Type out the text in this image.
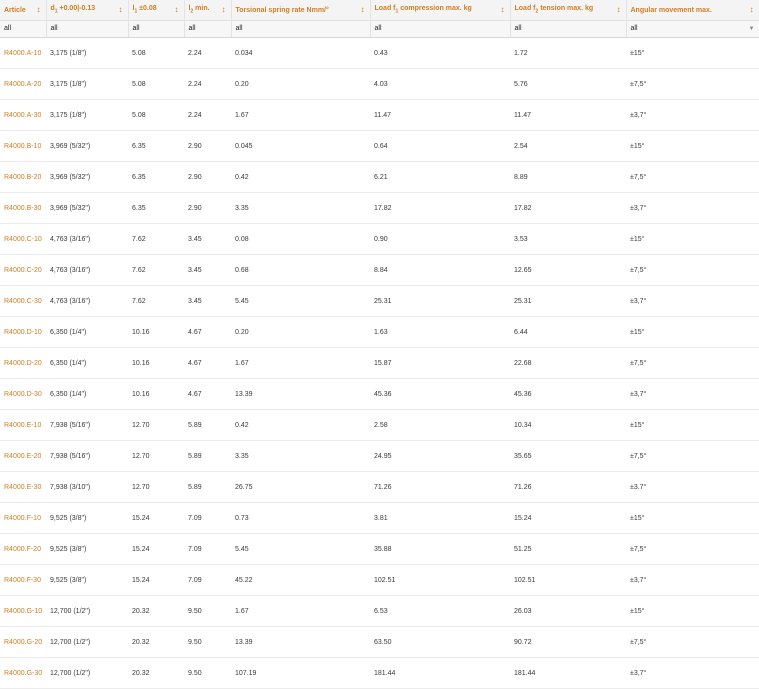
Article ↕	$d_1 +0.00|-0.13$ ↕	$l_1 \pm 0.08$ ↕	$l_2$ min. ↕	Torsional spring rate Nmm/° ↕	Load $f_1$ compression max. kg ↕	Load $f_2$ tension max. kg ↕	Angular movement max. ↕

all	all	all	all	all	all	all	all ▼

R4000.A-10	3,175 (1/8")	5.08	2.24	0.034	0.43	1.72	±15°
R4000.A-20	3,175 (1/8")	5.08	2.24	0.20	4.03	5.76	±7,5°
R4000.A-30	3,175 (1/8")	5.08	2.24	1.67	11.47	11.47	±3,7°
R4000.B-10	3,969 (5/32")	6.35	2.90	0.045	0.64	2.54	±15°
R4000.B-20	3,969 (5/32")	6.35	2.90	0.42	6.21	8.89	±7,5°
R4000.B-30	3,969 (5/32")	6.35	2.90	3.35	17.82	17.82	±3,7°
R4000.C-10	4,763 (3/16")	7.62	3.45	0.08	0.90	3.53	±15°
R4000.C-20	4,763 (3/16")	7.62	3.45	0.68	8.84	12.65	±7,5°
R4000.C-30	4,763 (3/16")	7.62	3.45	5.45	25.31	25.31	±3,7°
R4000.D-10	6,350 (1/4")	10.16	4.67	0.20	1.63	6.44	±15°
R4000.D-20	6,350 (1/4")	10.16	4.67	1.67	15.87	22.68	±7,5°
R4000.D-30	6,350 (1/4")	10.16	4.67	13.39	45.36	45.36	±3,7°
R4000.E-10	7,938 (5/16")	12.70	5.89	0.42	2.58	10.34	±15°
R4000.E-20	7,938 (5/16")	12.70	5.89	3.35	24.95	35.65	±7,5°
R4000.E-30	7,938 (3/10")	12.70	5.89	26.75	71.26	71.26	±3.7°
R4000.F-10	9,525 (3/8")	15.24	7.09	0.73	3.81	15.24	±15°
R4000.F-20	9,525 (3/8")	15.24	7.09	5.45	35.88	51.25	±7,5°
R4000.F-30	9,525 (3/8")	15.24	7.09	45.22	102.51	102.51	±3,7°
R4000.G-10	12,700 (1/2")	20.32	9.50	1.67	6.53	26.03	±15°
R4000.G-20	12,700 (1/2")	20.32	9.50	13.39	63.50	90.72	±7,5°
R4000.G-30	12,700 (1/2")	20.32	9.50	107.19	181.44	181.44	±3,7°
